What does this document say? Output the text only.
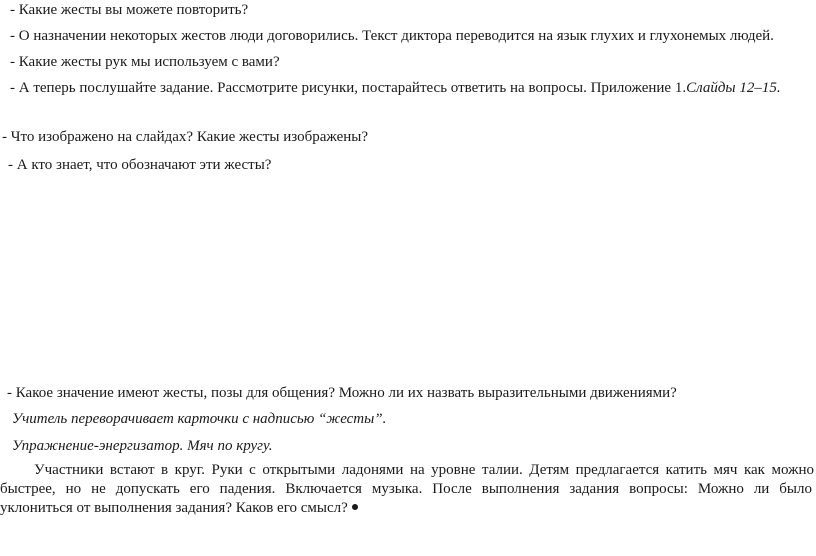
- Какие жесты вы можете повторить?

- О назначении некоторых жестов люди договорились. Текст диктора переводится на язык глухих и глухонемых людей.

- Какие жесты рук мы используем с вами?

- А теперь послушайте задание. Рассмотрите рисунки, постарайтесь ответить на вопросы. Приложение 1.Слайды 12–15.

- Что изображено на слайдах? Какие жесты изображены?

- А кто знает, что обозначают эти жесты?

- Какое значение имеют жесты, позы для общения? Можно ли их назвать выразительными движениями?

Учитель переворачивает карточки с надписью “жесты”.

Упражнение-энергизатор. Мяч по кругу.

Участники встают в круг. Руки с открытыми ладонями на уровне талии. Детям предлагается катить мяч как можно

быстрее, но не допускать его падения. Включается музыка. После выполнения задания вопросы: Можно ли было

уклониться от выполнения задания? Каков его смысл?
